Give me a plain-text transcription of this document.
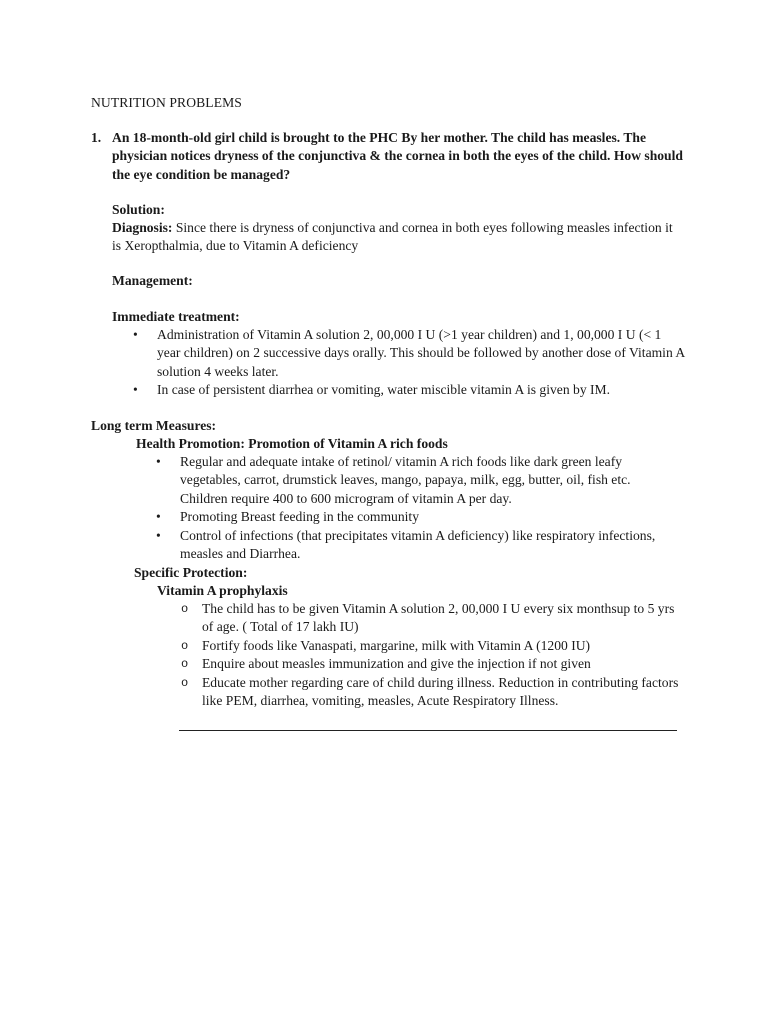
NUTRITION PROBLEMS
1. An 18-month-old girl child is brought to the PHC By her mother. The child has measles. The physician notices dryness of the conjunctiva & the cornea in both the eyes of the child. How should the eye condition be managed?
Solution:
Diagnosis: Since there is dryness of conjunctiva and cornea in both eyes following measles infection it is Xeropthalmia, due to Vitamin A deficiency
Management:
Immediate treatment:
• Administration of Vitamin A solution 2, 00,000 I U (>1 year children) and 1, 00,000 I U (< 1 year children) on 2 successive days orally. This should be followed by another dose of Vitamin A solution 4 weeks later.
• In case of persistent diarrhea or vomiting, water miscible vitamin A is given by IM.
Long term Measures:
Health Promotion: Promotion of Vitamin A rich foods
• Regular and adequate intake of retinol/ vitamin A rich foods like dark green leafy vegetables, carrot, drumstick leaves, mango, papaya, milk, egg, butter, oil, fish etc. Children require 400 to 600 microgram of vitamin A per day.
• Promoting Breast feeding in the community
• Control of infections (that precipitates vitamin A deficiency) like respiratory infections, measles and Diarrhea.
Specific Protection:
Vitamin A prophylaxis
o The child has to be given Vitamin A solution 2, 00,000 I U every six monthsup to 5 yrs of age. ( Total of 17 lakh IU)
o Fortify foods like Vanaspati, margarine, milk with Vitamin A (1200 IU)
o Enquire about measles immunization and give the injection if not given
o Educate mother regarding care of child during illness. Reduction in contributing factors like PEM, diarrhea, vomiting, measles, Acute Respiratory Illness.
